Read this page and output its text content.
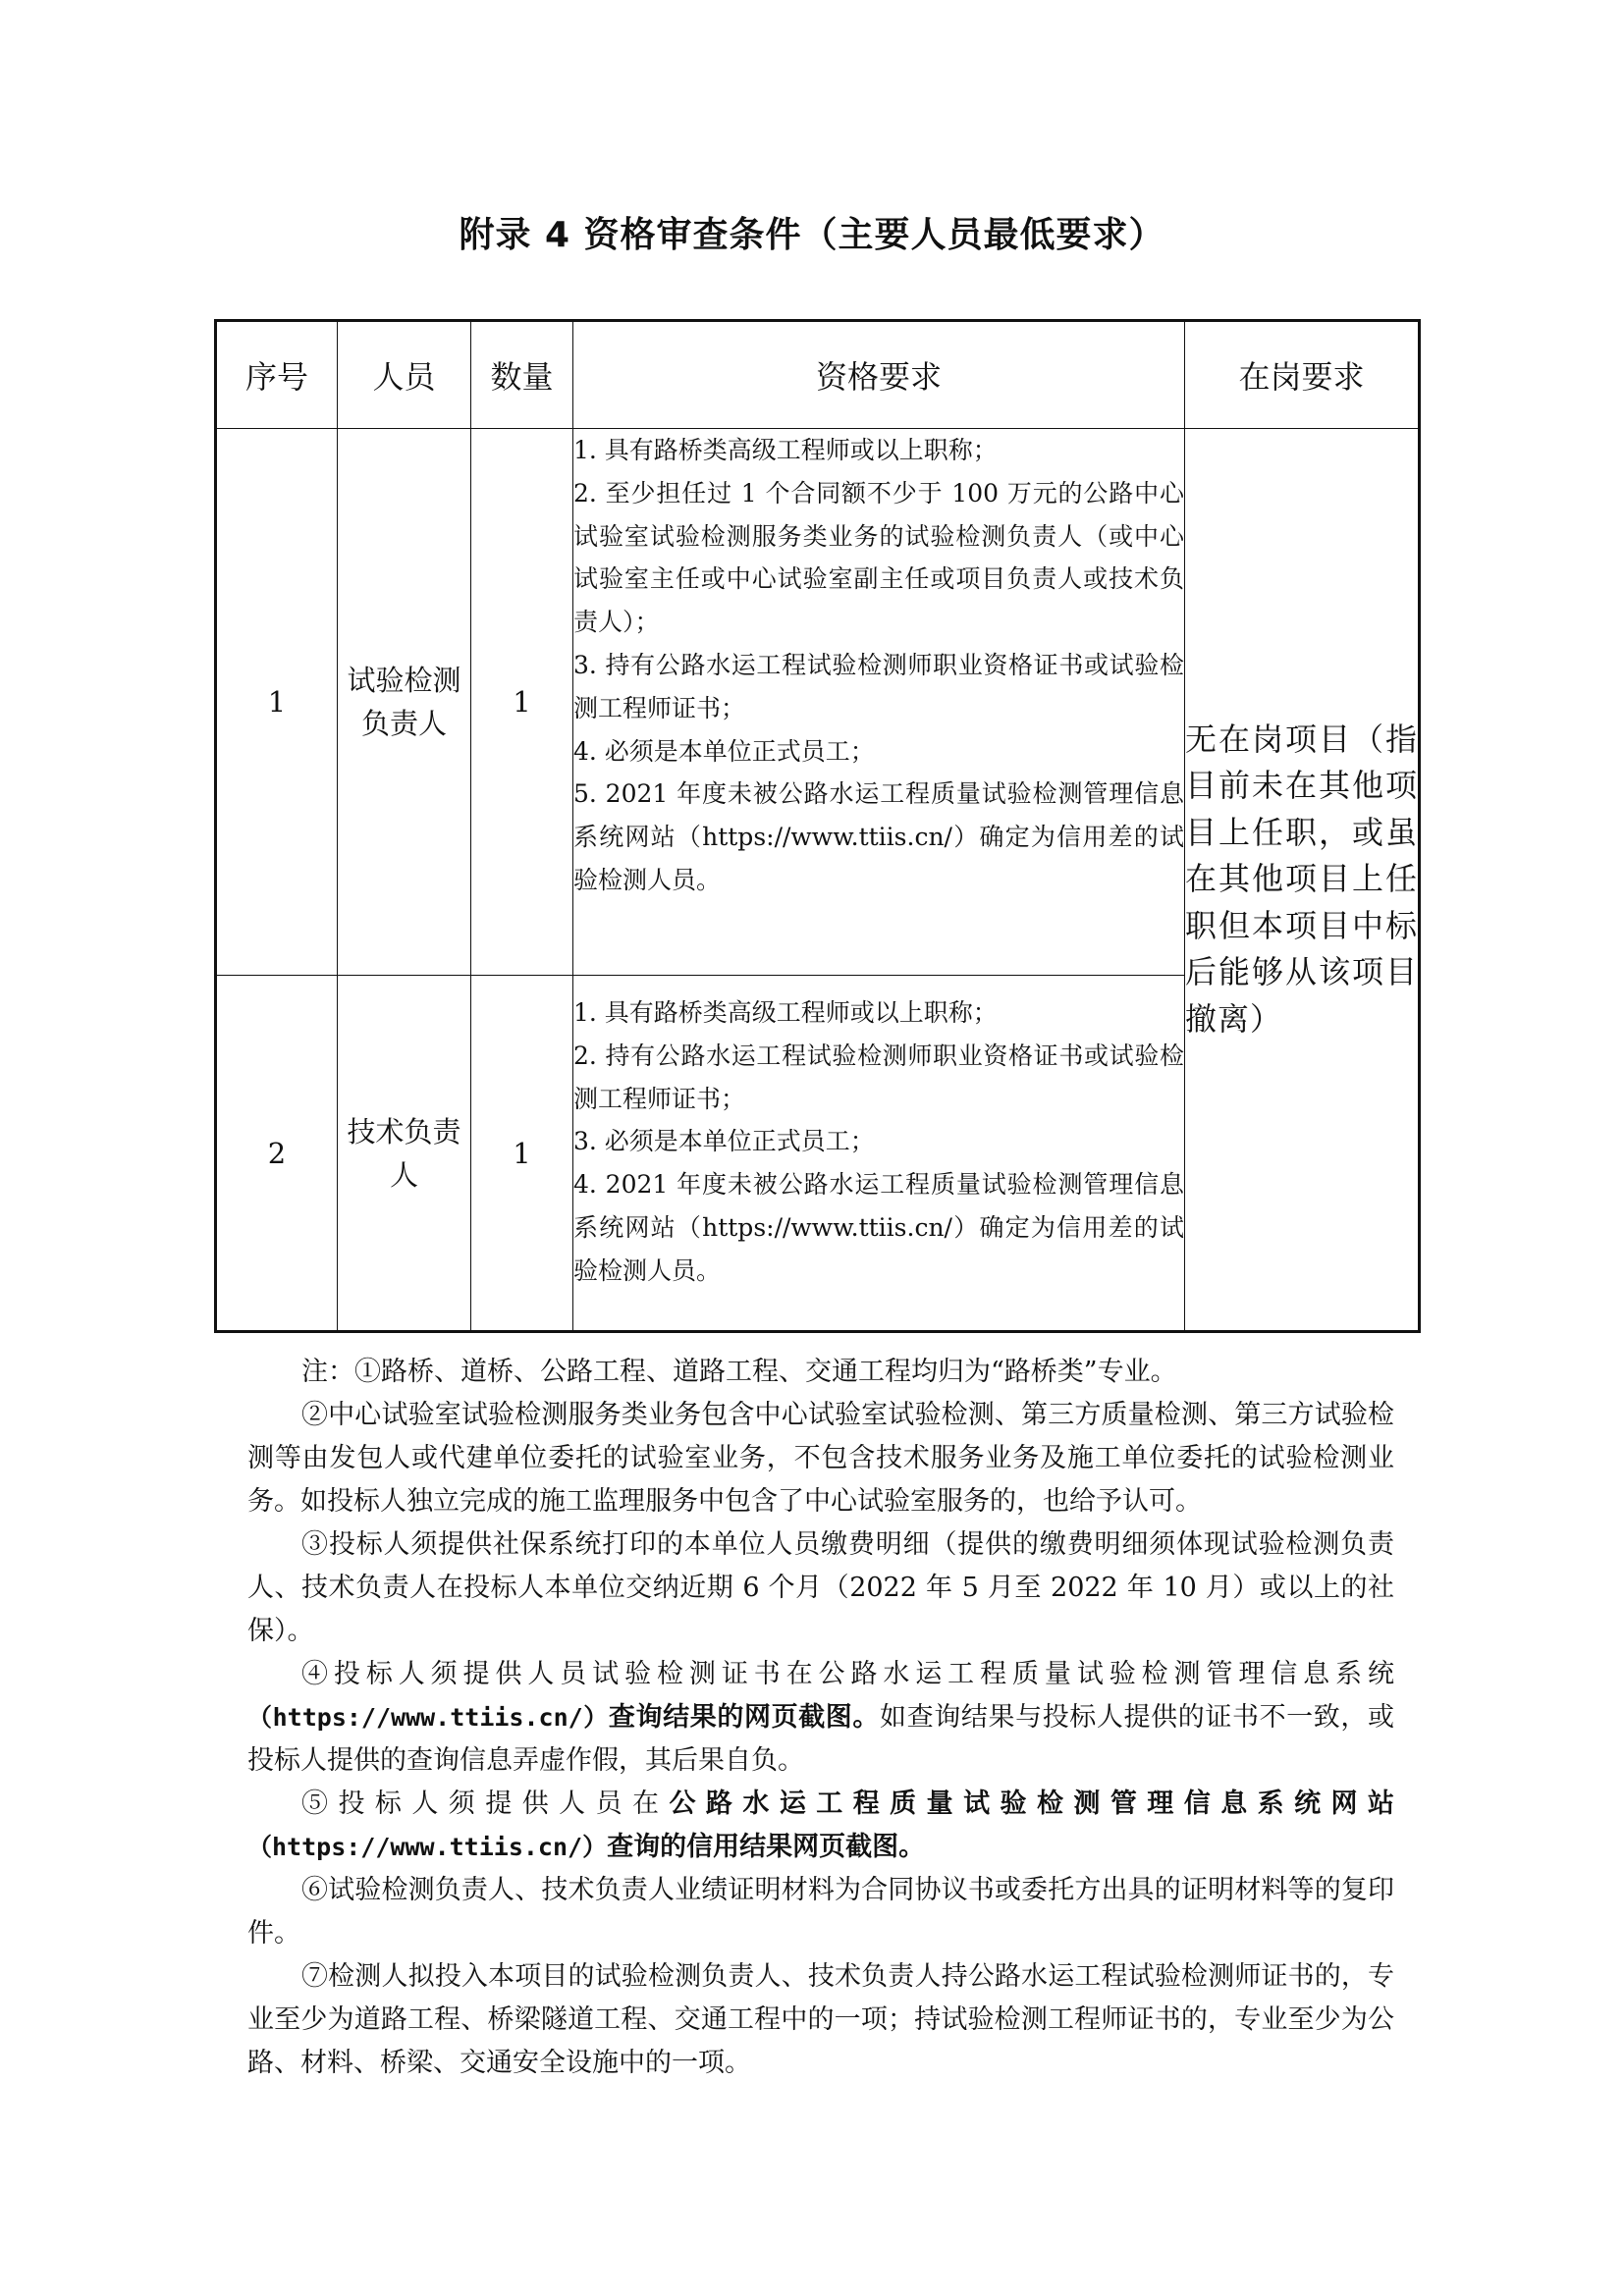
附录 4 资格审查条件（主要人员最低要求）
序号	人员	数量	资格要求	在岗要求
1	试验检测负责人	1	1. 具有路桥类高级工程师或以上职称；
2. 至少担任过 1 个合同额不少于 100 万元的公路中心试验室试验检测服务类业务的试验检测负责人（或中心试验室主任或中心试验室副主任或项目负责人或技术负责人）；
3. 持有公路水运工程试验检测师职业资格证书或试验检测工程师证书；
4. 必须是本单位正式员工；
5. 2021 年度未被公路水运工程质量试验检测管理信息系统网站（https://www.ttiis.cn/）确定为信用差的试验检测人员。	无在岗项目（指目前未在其他项目上任职，或虽在其他项目上任职但本项目中标后能够从该项目撤离）
2	技术负责人	1	1. 具有路桥类高级工程师或以上职称；
2. 持有公路水运工程试验检测师职业资格证书或试验检测工程师证书；
3. 必须是本单位正式员工；
4. 2021 年度未被公路水运工程质量试验检测管理信息系统网站（https://www.ttiis.cn/）确定为信用差的试验检测人员。	

注：①路桥、道桥、公路工程、道路工程、交通工程均归为“路桥类”专业。

②中心试验室试验检测服务类业务包含中心试验室试验检测、第三方质量检测、第三方试验检测等由发包人或代建单位委托的试验室业务，不包含技术服务业务及施工单位委托的试验检测业务。如投标人独立完成的施工监理服务中包含了中心试验室服务的，也给予认可。

③投标人须提供社保系统打印的本单位人员缴费明细（提供的缴费明细须体现试验检测负责人、技术负责人在投标人本单位交纳近期 6 个月（2022 年 5 月至 2022 年 10 月）或以上的社保）。

④投标人须提供人员试验检测证书在公路水运工程质量试验检测管理信息系统（https://www.ttiis.cn/）查询结果的网页截图。如查询结果与投标人提供的证书不一致，或投标人提供的查询信息弄虚作假，其后果自负。

⑤投标人须提供人员在公路水运工程质量试验检测管理信息系统网站（https://www.ttiis.cn/）查询的信用结果网页截图。

⑥试验检测负责人、技术负责人业绩证明材料为合同协议书或委托方出具的证明材料等的复印件。

⑦检测人拟投入本项目的试验检测负责人、技术负责人持公路水运工程试验检测师证书的，专业至少为道路工程、桥梁隧道工程、交通工程中的一项；持试验检测工程师证书的，专业至少为公路、材料、桥梁、交通安全设施中的一项。
